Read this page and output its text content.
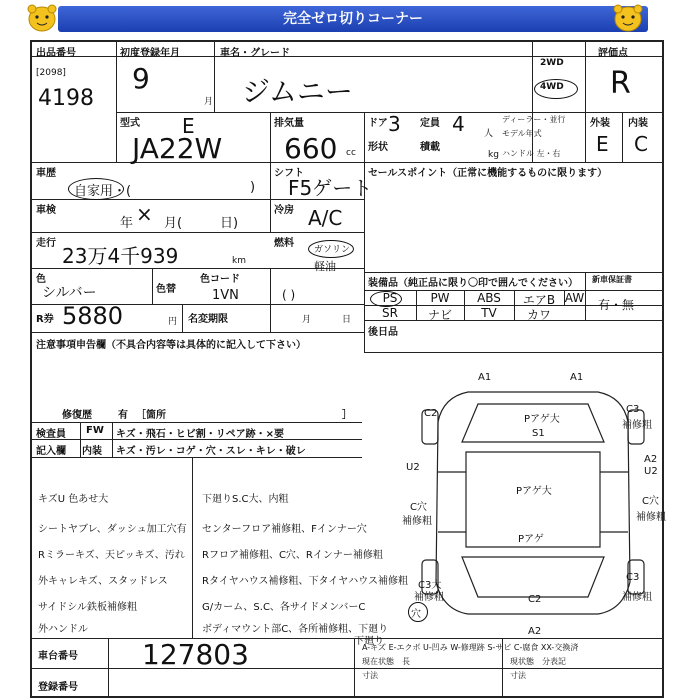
完全ゼロ切りコーナー
出品番号
[2098]
4198
初度登録年月
9
月
車名・グレード
ジムニー
2WD
4WD
評価点
R
型式 E
JA22W
排気量
660 cc
ドア 3 定員 4 人
ディーラー・並行
モデル年式
ハンドル 左・右
形状	積載
kg
外装 内装
E C
車歴
自家用・(	)
シフト
F5ゲート
セールスポイント（正常に機能するものに限ります）
車検
年 × 月(	日)
冷房 A/C
走行
23万4千939	km
燃料
ガソリン
軽油
色
シルバー	色替
色コード
1VN	( )
装備品（純正品に限り〇印で囲んでください） 新車保証書
有・無
PS	PW	ABS	エアB AW
SR	ナビ	TV	カワ
後日品
R券 5880	円 名変期限	月	日
注意事項申告欄（不具合内容等は具体的に記入して下さい）
修復歴	有 ［箇所	］
検査員
記入欄
FW キズ・飛石・ヒビ割・リペア跡・×要
内装 キズ・汚レ・コゲ・穴・スレ・キレ・破レ
キズU 色あせ大
シートヤブレ、ダッシュ加工穴有
Rミラーキズ、天ピッキズ、汚れ
外キャレキズ、スタッドレス
サイドシル鉄板補修粗
外ハンドル
下廻りS.C大、内粗
センターフロア補修粗、Fインナー穴
Rフロア補修粗、C穴、Rインナー補修粗
Rタイヤハウス補修粗、下タイヤハウス補修粗
G/カーム、S.C、各サイドメンバーC
ボディマウント部C、各所補修粗、下廻り
A1	A1
C2	C3
補修粗
Pアゲ大
S1
U2
A2
U2
Pアゲ大
C穴
補修粗
C穴
補修粗
Pアゲ
C3大
補修粗
穴
C2
A2
C3
補修粗
下廻り
車台番号 127803
登録番号
A-キズ E-エクボ U-凹み W-修理跡 S-サビ C-腐食 XX-交換済
現在状態　長
寸法
現状態　分表記
寸法
